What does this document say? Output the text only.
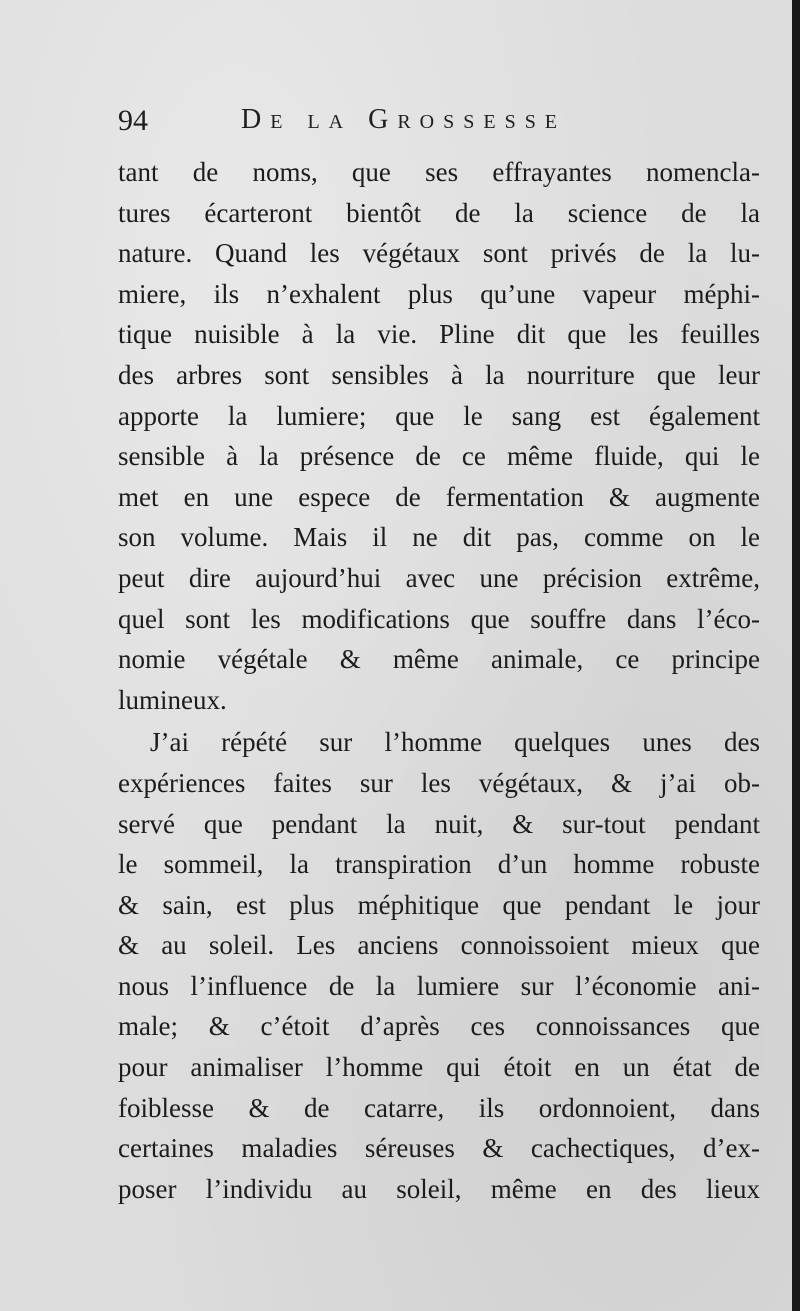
94	De la Grossesse
tant de noms, que ses effrayantes nomencla-
tures écarteront bientôt de la science de la
nature. Quand les végétaux sont privés de la lu-
miere, ils n’exhalent plus qu’une vapeur méphi-
tique nuisible à la vie. Pline dit que les feuilles
des arbres sont sensibles à la nourriture que leur
apporte la lumiere; que le sang est également
sensible à la présence de ce même fluide, qui le
met en une espece de fermentation & augmente
son volume. Mais il ne dit pas, comme on le
peut dire aujourd’hui avec une précision extrême,
quel sont les modifications que souffre dans l’éco-
nomie végétale & même animale, ce principe
lumineux.
J’ai répété sur l’homme quelques unes des
expériences faites sur les végétaux, & j’ai ob-
servé que pendant la nuit, & sur-tout pendant
le sommeil, la transpiration d’un homme robuste
& sain, est plus méphitique que pendant le jour
& au soleil. Les anciens connoissoient mieux que
nous l’influence de la lumiere sur l’économie ani-
male; & c’étoit d’après ces connoissances que
pour animaliser l’homme qui étoit en un état de
foiblesse & de catarre, ils ordonnoient, dans
certaines maladies séreuses & cachectiques, d’ex-
poser l’individu au soleil, même en des lieux
